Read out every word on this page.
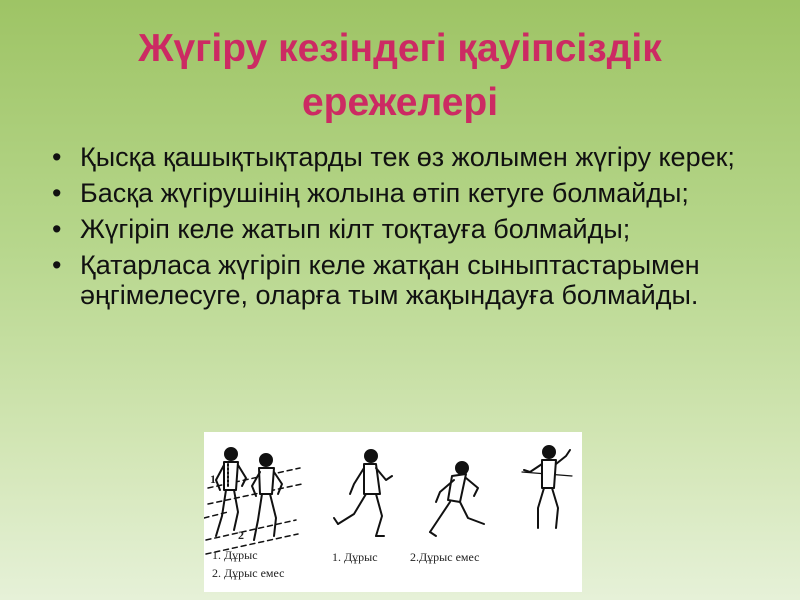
Жүгіру кезіндегі қауіпсіздік
ережелері
• Қысқа қашықтықтарды тек өз жолымен жүгіру керек;
• Басқа жүгірушінің жолына өтіп кетуге болмайды;
• Жүгіріп келе жатып кілт тоқтауға болмайды;
• Қатарласа жүгіріп келе жатқан сыныптастарымен әңгімелесуге, оларға тым жақындауға болмайды.
1
2
1. Дұрыс
2. Дұрыс емес
1. Дұрыс	2.Дұрыс емес
